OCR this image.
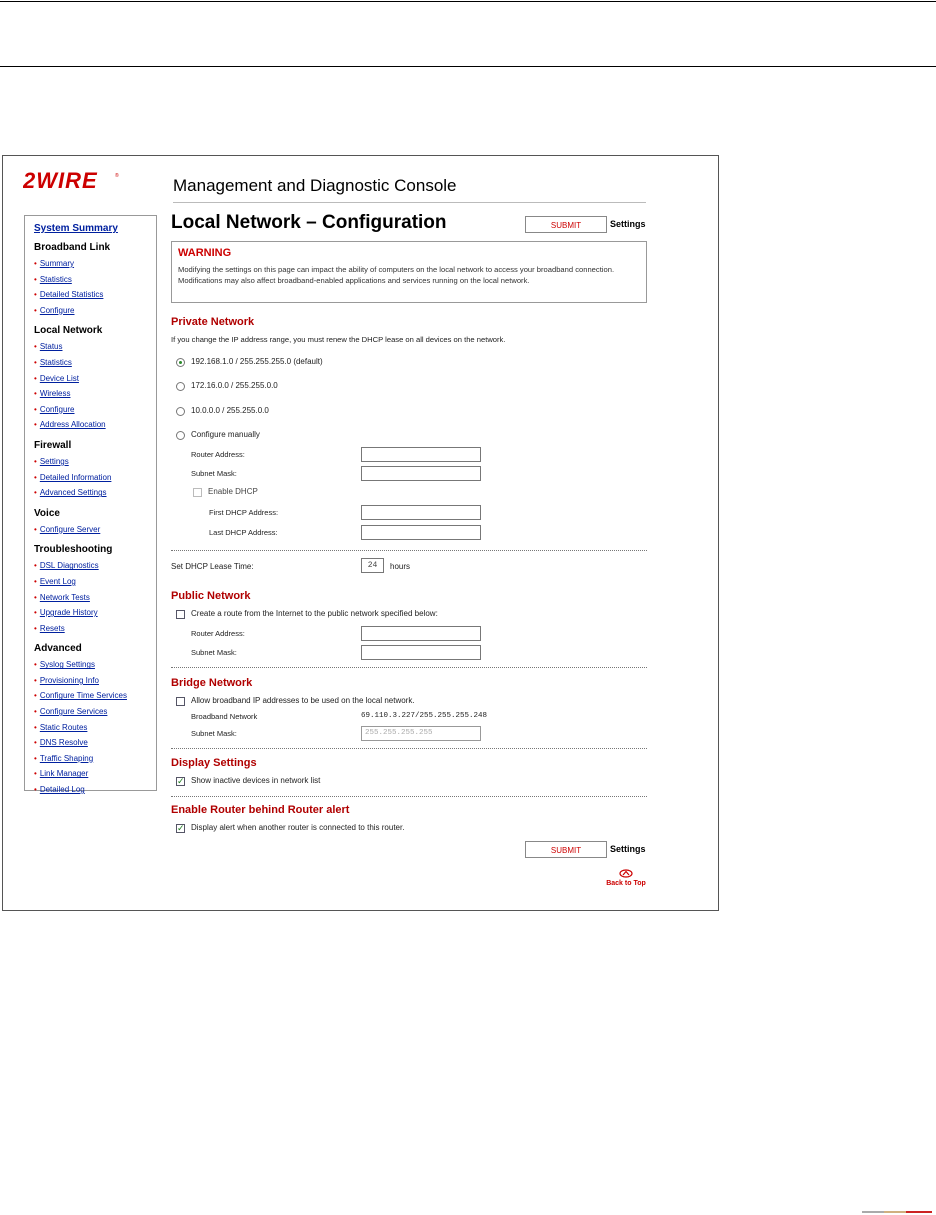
2WIRE	®	Management and Diagnostic Console
System Summary
Broadband Link
• Summary
• Statistics
• Detailed Statistics
• Configure
Local Network
• Status
• Statistics
• Device List
• Wireless
• Configure
• Address Allocation
Firewall
• Settings
• Detailed Information
• Advanced Settings
Voice
• Configure Server
Troubleshooting
• DSL Diagnostics
• Event Log
• Network Tests
• Upgrade History
• Resets
Advanced
• Syslog Settings
• Provisioning Info
• Configure Time Services
• Configure Services
• Static Routes
• DNS Resolve
• Traffic Shaping
• Link Manager
• Detailed Log
Local Network – Configuration	SUBMIT	Settings
WARNING
Modifying the settings on this page can impact the ability of computers on the local network to access your broadband connection. Modifications may also affect broadband-enabled applications and services running on the local network.
Private Network
If you change the IP address range, you must renew the DHCP lease on all devices on the network.
192.168.1.0 / 255.255.255.0 (default)
172.16.0.0 / 255.255.0.0
10.0.0.0 / 255.255.0.0
Configure manually
Router Address:
Subnet Mask:
Enable DHCP
First DHCP Address:
Last DHCP Address:
Set DHCP Lease Time:	24	hours
Public Network
Create a route from the Internet to the public network specified below:
Router Address:
Subnet Mask:
Bridge Network
Allow broadband IP addresses to be used on the local network.
Broadband Network	69.110.3.227/255.255.255.248
Subnet Mask:	255.255.255.255
Display Settings
✓ Show inactive devices in network list
Enable Router behind Router alert
✓ Display alert when another router is connected to this router.
SUBMIT	Settings
Back to Top
